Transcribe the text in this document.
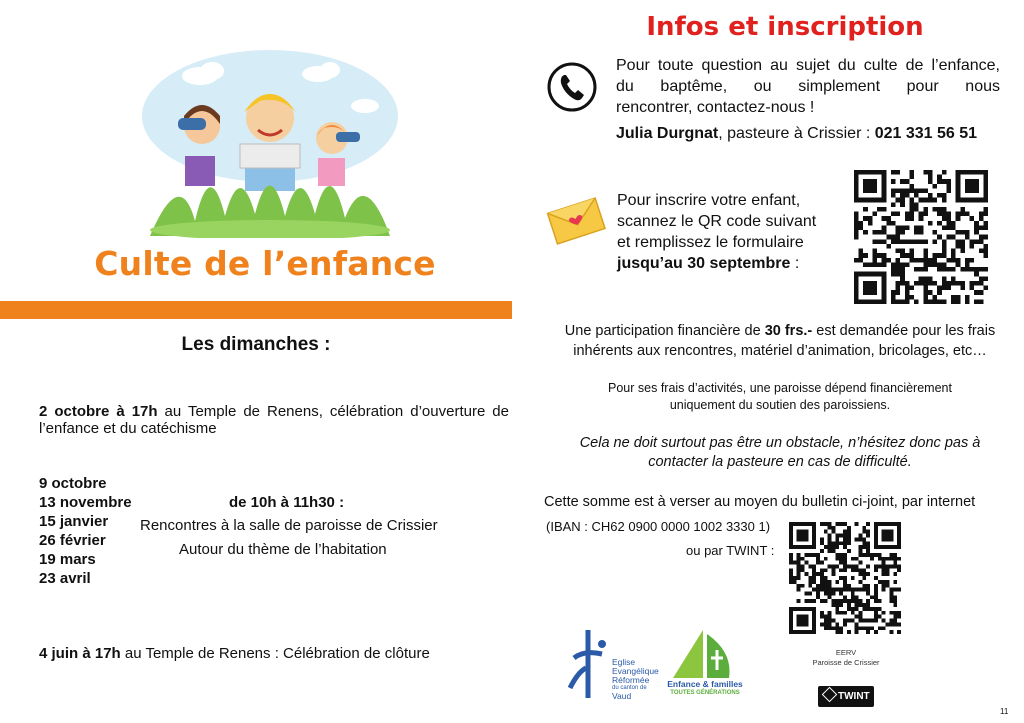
Culte de l’enfance
Les dimanches :
2 octobre à 17h au Temple de Renens, célébration d’ouverture de
l’enfance et du catéchisme
9 octobre
13 novembre
15 janvier
26 février
19 mars
23 avril
de 10h à 11h30 :
Rencontres à la salle de paroisse de Crissier
Autour du thème de l’habitation
4 juin à 17h au Temple de Renens : Célébration de clôture
Infos et inscription
Pour toute question au sujet du culte de l’enfance,
du baptême, ou simplement pour nous
rencontrer, contactez-nous !
Julia Durgnat, pasteure à Crissier : 021 331 56 51
Pour inscrire votre enfant,
scannez le QR code suivant
et remplissez le formulaire
jusqu’au 30 septembre :
Une participation financière de 30 frs.- est demandée pour les frais
inhérents aux rencontres, matériel d’animation, bricolages, etc…
Pour ses frais d’activités, une paroisse dépend financièrement
uniquement du soutien des paroissiens.
Cela ne doit surtout pas être un obstacle, n’hésitez donc pas à
contacter la pasteure en cas de difficulté.
Cette somme est à verser au moyen du bulletin ci-joint, par internet
(IBAN : CH62 0900 0000 1002 3330 1)
ou par TWINT :
Eglise
Evangélique
Réformée
du canton de
Vaud
Enfance & familles
TOUTES GÉNÉRATIONS
EERV
Paroisse de Crissier
TWINT
11
